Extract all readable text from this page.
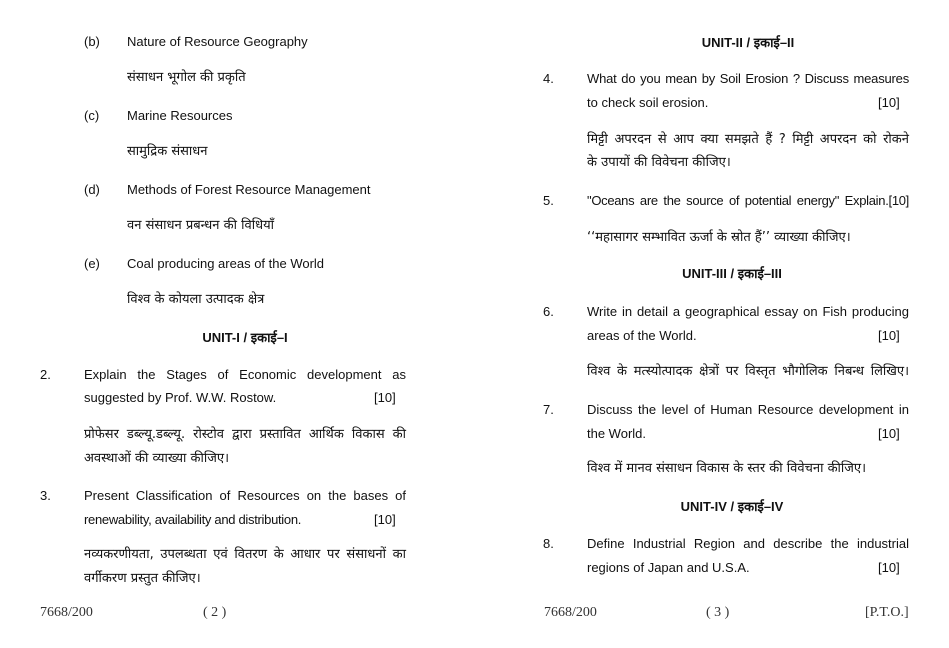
(b) Nature of Resource Geography
संसाधन भूगोल की प्रकृति
(c) Marine Resources
सामुद्रिक संसाधन
(d) Methods of Forest Resource Management
वन संसाधन प्रबन्धन की विधियाँ
(e) Coal producing areas of the World
विश्व के कोयला उत्पादक क्षेत्र
UNIT-I / इकाई–I
2.	Explain the Stages of Economic development as
suggested by Prof. W.W. Rostow.	[10]
प्रोफेसर डब्ल्यू.डब्ल्यू. रोस्टोव द्वारा प्रस्तावित आर्थिक विकास की
अवस्थाओं की व्याख्या कीजिए।
3.	Present Classification of Resources on the bases of
renewability, availability and distribution.	[10]
नव्यकरणीयता, उपलब्धता एवं वितरण के आधार पर संसाधनों का
वर्गीकरण प्रस्तुत कीजिए।
7668/200	( 2 )
UNIT-II / इकाई–II
4.	What do you mean by Soil Erosion ? Discuss measures
to check soil erosion.	[10]
मिट्टी अपरदन से आप क्या समझते हैं ? मिट्टी अपरदन को रोकने
के उपायों की विवेचना कीजिए।
5.	"Oceans are the source of potential energy" Explain.[10]
‘‘महासागर सम्भावित ऊर्जा के स्रोत हैं’’ व्याख्या कीजिए।
UNIT-III / इकाई–III
6.	Write in detail a geographical essay on Fish producing
areas of the World.	[10]
विश्व के मत्स्योत्पादक क्षेत्रों पर विस्तृत भौगोलिक निबन्ध लिखिए।
7.	Discuss the level of Human Resource development in
the World.	[10]
विश्व में मानव संसाधन विकास के स्तर की विवेचना कीजिए।
UNIT-IV / इकाई–IV
8.	Define Industrial Region and describe the industrial
regions of Japan and U.S.A.	[10]
7668/200	( 3 )	[P.T.O.]
